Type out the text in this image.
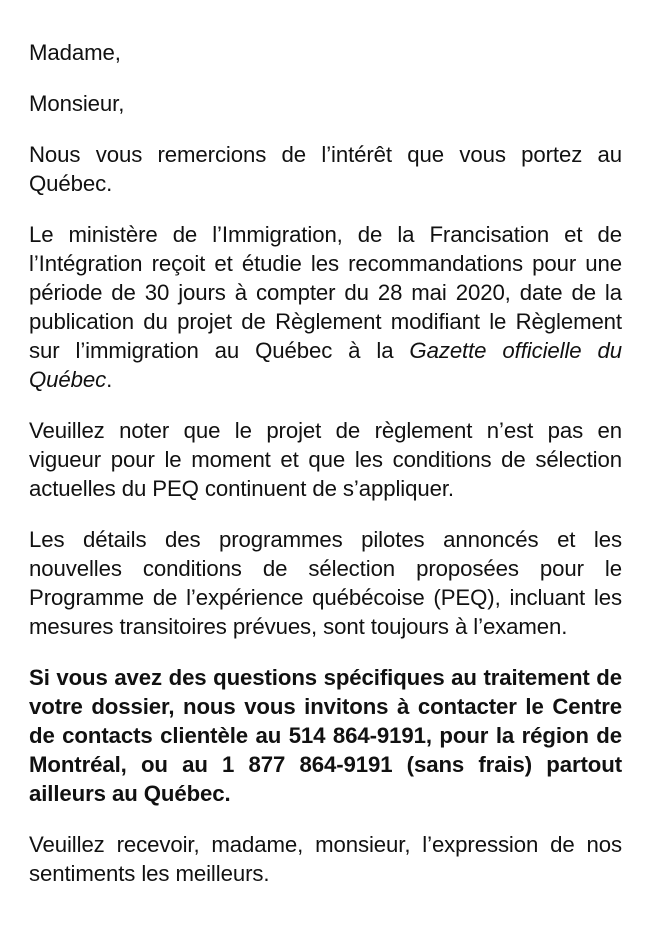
Madame,

Monsieur,

Nous vous remercions de l’intérêt que vous portez au Québec.

Le ministère de l’Immigration, de la Francisation et de l’Intégration reçoit et étudie les recommandations pour une période de 30 jours à compter du 28 mai 2020, date de la publication du projet de Règlement modifiant le Règlement sur l’immigration au Québec à la Gazette officielle du Québec.

Veuillez noter que le projet de règlement n’est pas en vigueur pour le moment et que les conditions de sélection actuelles du PEQ continuent de s’appliquer.

Les détails des programmes pilotes annoncés et les nouvelles conditions de sélection proposées pour le Programme de l’expérience québécoise (PEQ), incluant les mesures transitoires prévues, sont toujours à l’examen.

Si vous avez des questions spécifiques au traitement de votre dossier, nous vous invitons à contacter le Centre de contacts clientèle au 514 864-9191, pour la région de Montréal, ou au 1 877 864-9191 (sans frais) partout ailleurs au Québec.

Veuillez recevoir, madame, monsieur, l’expression de nos sentiments les meilleurs.
